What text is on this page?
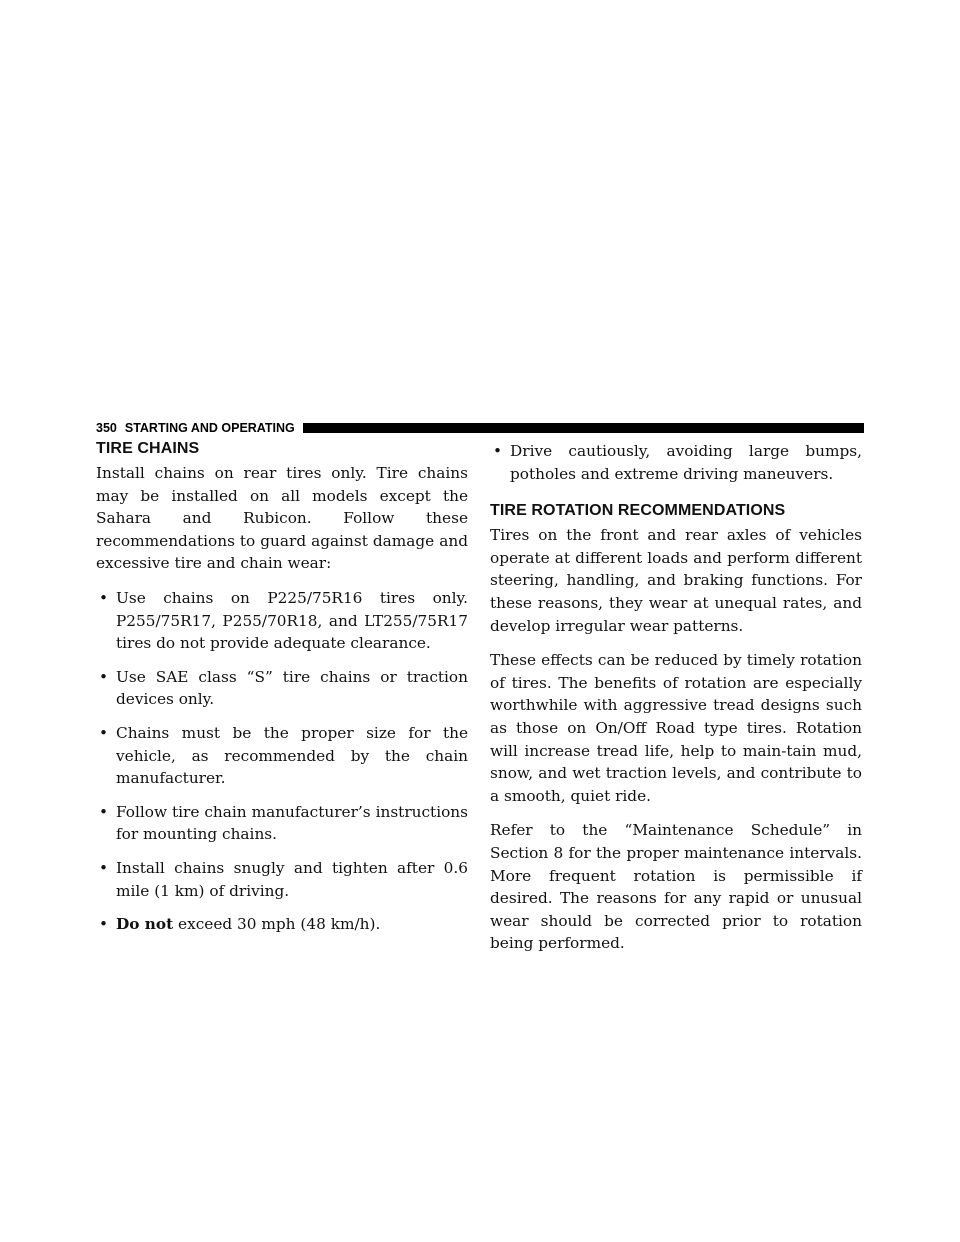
350 STARTING AND OPERATING
TIRE CHAINS

Install chains on rear tires only. Tire chains may be installed on all models except the Sahara and Rubicon. Follow these recommendations to guard against damage and excessive tire and chain wear:

• Use chains on P225/75R16 tires only. P255/75R17, P255/70R18, and LT255/75R17 tires do not provide adequate clearance.
• Use SAE class “S” tire chains or traction devices only.
• Chains must be the proper size for the vehicle, as recommended by the chain manufacturer.
• Follow tire chain manufacturer’s instructions for mounting chains.
• Install chains snugly and tighten after 0.6 mile (1 km) of driving.
• Do not exceed 30 mph (48 km/h).
• Drive cautiously, avoiding large bumps, potholes and extreme driving maneuvers.
TIRE ROTATION RECOMMENDATIONS

Tires on the front and rear axles of vehicles operate at different loads and perform different steering, handling, and braking functions. For these reasons, they wear at unequal rates, and develop irregular wear patterns.

These effects can be reduced by timely rotation of tires. The benefits of rotation are especially worthwhile with aggressive tread designs such as those on On/Off Road type tires. Rotation will increase tread life, help to main-tain mud, snow, and wet traction levels, and contribute to a smooth, quiet ride.

Refer to the “Maintenance Schedule” in Section 8 for the proper maintenance intervals. More frequent rotation is permissible if desired. The reasons for any rapid or unusual wear should be corrected prior to rotation being performed.
